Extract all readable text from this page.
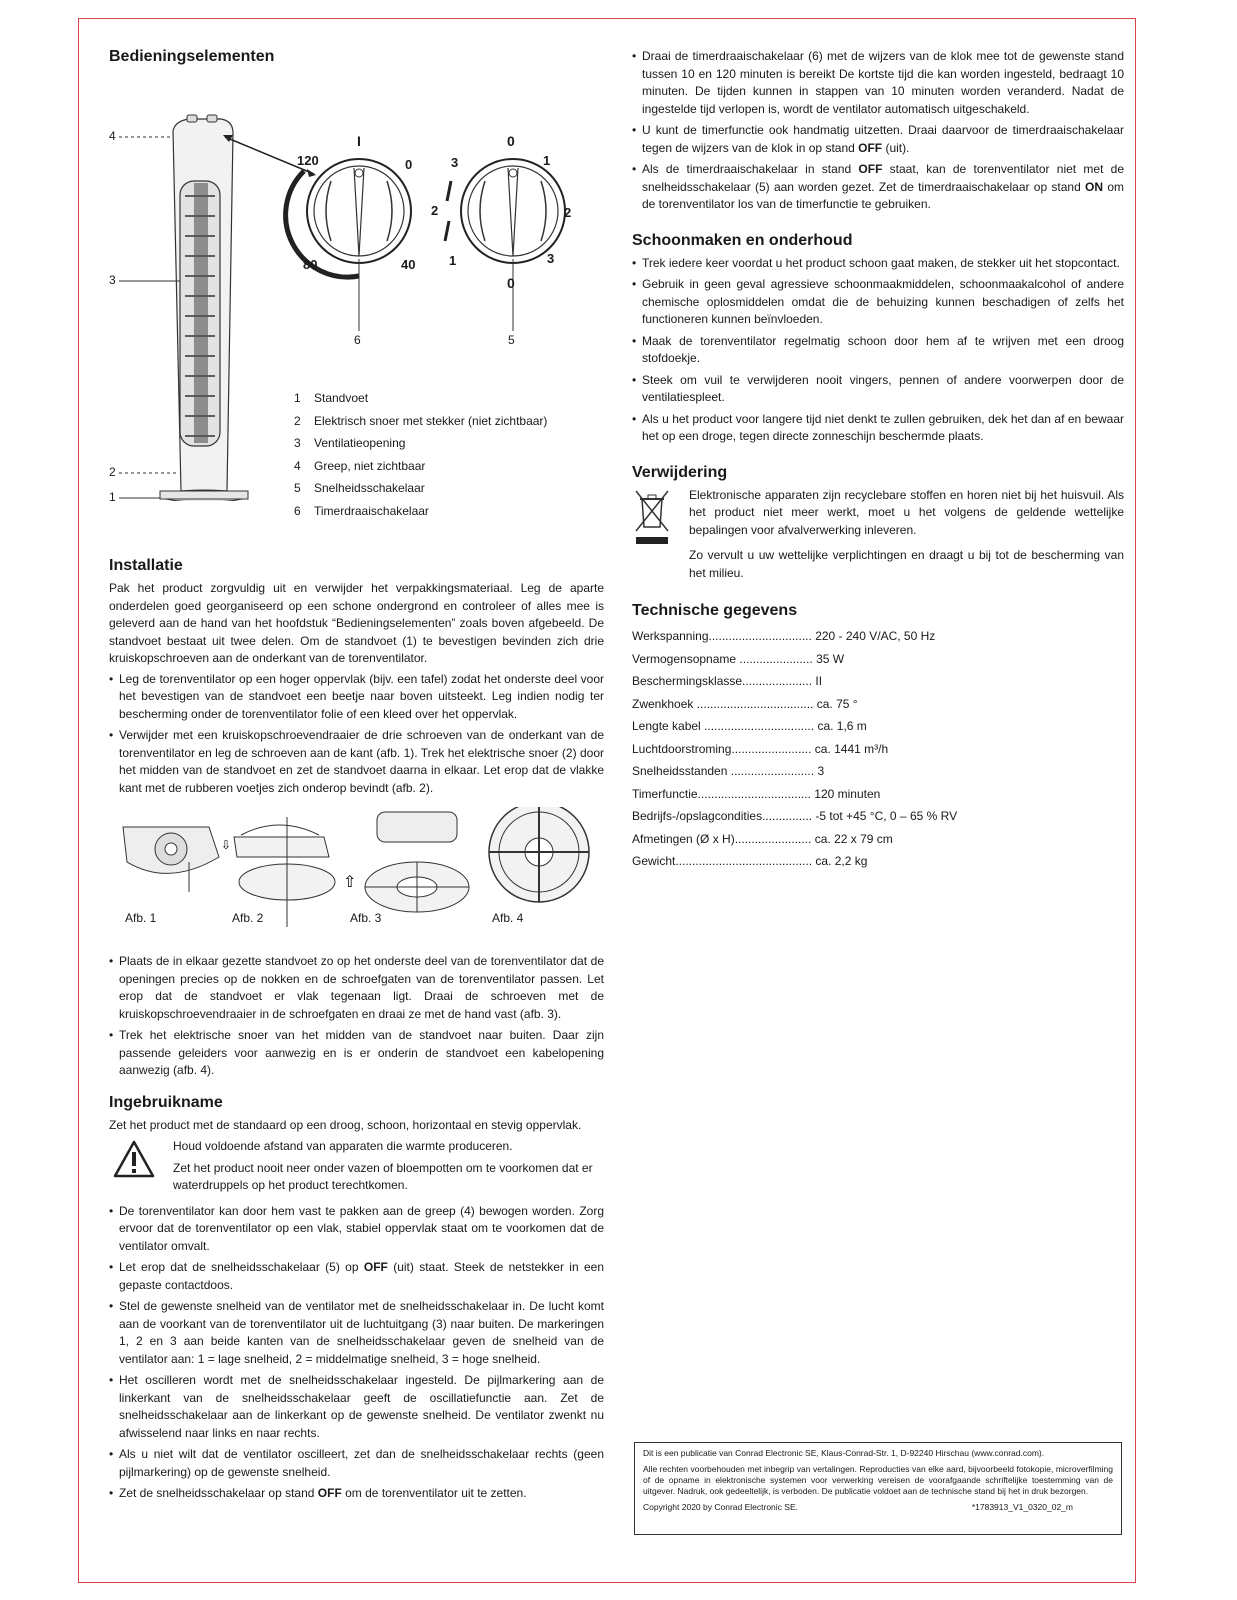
Bedieningselementen
4
3
2
1
I
0
120
80	40
6
0
1
2
3
3
2
1
0
5
1 Standvoet
2 Elektrisch snoer met stekker (niet zichtbaar)
3 Ventilatieopening
4 Greep, niet zichtbaar
5 Snelheidsschakelaar
6 Timerdraaischakelaar
Installatie

Pak het product zorgvuldig uit en verwijder het verpakkingsmateriaal. Leg de aparte onderdelen goed georganiseerd op een schone ondergrond en controleer of alles mee is geleverd aan de hand van het hoofdstuk “Bedieningselementen” zoals boven afgebeeld. De standvoet bestaat uit twee delen. Om de standvoet (1) te bevestigen bevinden zich drie kruiskopschroeven aan de onderkant van de torenventilator.

• Leg de torenventilator op een hoger oppervlak (bijv. een tafel) zodat het onderste deel voor het bevestigen van de standvoet een beetje naar boven uitsteekt. Leg indien nodig ter bescherming onder de torenventilator folie of een kleed over het oppervlak.
• Verwijder met een kruiskopschroevendraaier de drie schroeven van de onderkant van de torenventilator en leg de schroeven aan de kant (afb. 1). Trek het elektrische snoer (2) door het midden van de standvoet en zet de standvoet daarna in elkaar. Let erop dat de vlakke kant met de rubberen voetjes zich onderop bevindt (afb. 2).
⇩
⇧
Afb. 1	Afb. 2	Afb. 3	Afb. 4
• Plaats de in elkaar gezette standvoet zo op het onderste deel van de torenventilator dat de openingen precies op de nokken en de schroefgaten van de torenventilator passen. Let erop dat de standvoet er vlak tegenaan ligt. Draai de schroeven met de kruiskopschroevendraaier in de schroefgaten en draai ze met de hand vast (afb. 3).
• Trek het elektrische snoer van het midden van de standvoet naar buiten. Daar zijn passende geleiders voor aanwezig en is er onderin de standvoet een kabelopening aanwezig (afb. 4).
Ingebruikname

Zet het product met de standaard op een droog, schoon, horizontaal en stevig oppervlak.

Houd voldoende afstand van apparaten die warmte produceren.

Zet het product nooit neer onder vazen of bloempotten om te voorkomen dat er waterdruppels op het product terechtkomen.

• De torenventilator kan door hem vast te pakken aan de greep (4) bewogen worden. Zorg ervoor dat de torenventilator op een vlak, stabiel oppervlak staat om te voorkomen dat de ventilator omvalt.
• Let erop dat de snelheidsschakelaar (5) op OFF (uit) staat. Steek de netstekker in een gepaste contactdoos.
• Stel de gewenste snelheid van de ventilator met de snelheidsschakelaar in. De lucht komt aan de voorkant van de torenventilator uit de luchtuitgang (3) naar buiten. De markeringen 1, 2 en 3 aan beide kanten van de snelheidsschakelaar geven de snelheid van de ventilator aan: 1 = lage snelheid, 2 = middelmatige snelheid, 3 = hoge snelheid.
• Het oscilleren wordt met de snelheidsschakelaar ingesteld. De pijlmarkering aan de linkerkant van de snelheidsschakelaar geeft de oscillatiefunctie aan. Zet de snelheidsschakelaar aan de linkerkant op de gewenste snelheid. De ventilator zwenkt nu afwisselend naar links en naar rechts.
• Als u niet wilt dat de ventilator oscilleert, zet dan de snelheidsschakelaar rechts (geen pijlmarkering) op de gewenste snelheid.
• Zet de snelheidsschakelaar op stand OFF om de torenventilator uit te zetten.
• Draai de timerdraaischakelaar (6) met de wijzers van de klok mee tot de gewenste stand tussen 10 en 120 minuten is bereikt De kortste tijd die kan worden ingesteld, bedraagt 10 minuten. De tijden kunnen in stappen van 10 minuten worden veranderd. Nadat de ingestelde tijd verlopen is, wordt de ventilator automatisch uitgeschakeld.
• U kunt de timerfunctie ook handmatig uitzetten. Draai daarvoor de timerdraaischakelaar tegen de wijzers van de klok in op stand OFF (uit).
• Als de timerdraaischakelaar in stand OFF staat, kan de torenventilator niet met de snelheidsschakelaar (5) aan worden gezet. Zet de timerdraaischakelaar op stand ON om de torenventilator los van de timerfunctie te gebruiken.
Schoonmaken en onderhoud
• Trek iedere keer voordat u het product schoon gaat maken, de stekker uit het stopcontact.
• Gebruik in geen geval agressieve schoonmaakmiddelen, schoonmaakalcohol of andere chemische oplosmiddelen omdat die de behuizing kunnen beschadigen of zelfs het functioneren kunnen beïnvloeden.
• Maak de torenventilator regelmatig schoon door hem af te wrijven met een droog stofdoekje.
• Steek om vuil te verwijderen nooit vingers, pennen of andere voorwerpen door de ventilatiespleet.
• Als u het product voor langere tijd niet denkt te zullen gebruiken, dek het dan af en bewaar het op een droge, tegen directe zonneschijn beschermde plaats.
Verwijdering

Elektronische apparaten zijn recyclebare stoffen en horen niet bij het huisvuil. Als het product niet meer werkt, moet u het volgens de geldende wettelijke bepalingen voor afvalverwerking inleveren.

Zo vervult u uw wettelijke verplichtingen en draagt u bij tot de bescherming van het milieu.

Technische gegevens
Werkspanning............................... 220 - 240 V/AC, 50 Hz
Vermogensopname ...................... 35 W
Beschermingsklasse..................... II
Zwenkhoek ................................... ca. 75 °
Lengte kabel ................................. ca. 1,6 m
Luchtdoorstroming........................ ca. 1441 m³/h
Snelheidsstanden ......................... 3
Timerfunctie.................................. 120 minuten
Bedrijfs-/opslagcondities............... -5 tot +45 °C, 0 – 65 % RV
Afmetingen (Ø x H)....................... ca. 22 x 79 cm
Gewicht......................................... ca. 2,2 kg

Dit is een publicatie van Conrad Electronic SE, Klaus-Conrad-Str. 1, D-92240 Hirschau (www.conrad.com).

Alle rechten voorbehouden met inbegrip van vertalingen. Reproducties van elke aard, bijvoorbeeld fotokopie, microverfilming of de opname in elektronische systemen voor verwerking vereisen de voorafgaande schriftelijke toestemming van de uitgever. Nadruk, ook gedeeltelijk, is verboden. De publicatie voldoet aan de technische stand bij het in druk bezorgen.

Copyright 2020 by Conrad Electronic SE.	*1783913_V1_0320_02_m
